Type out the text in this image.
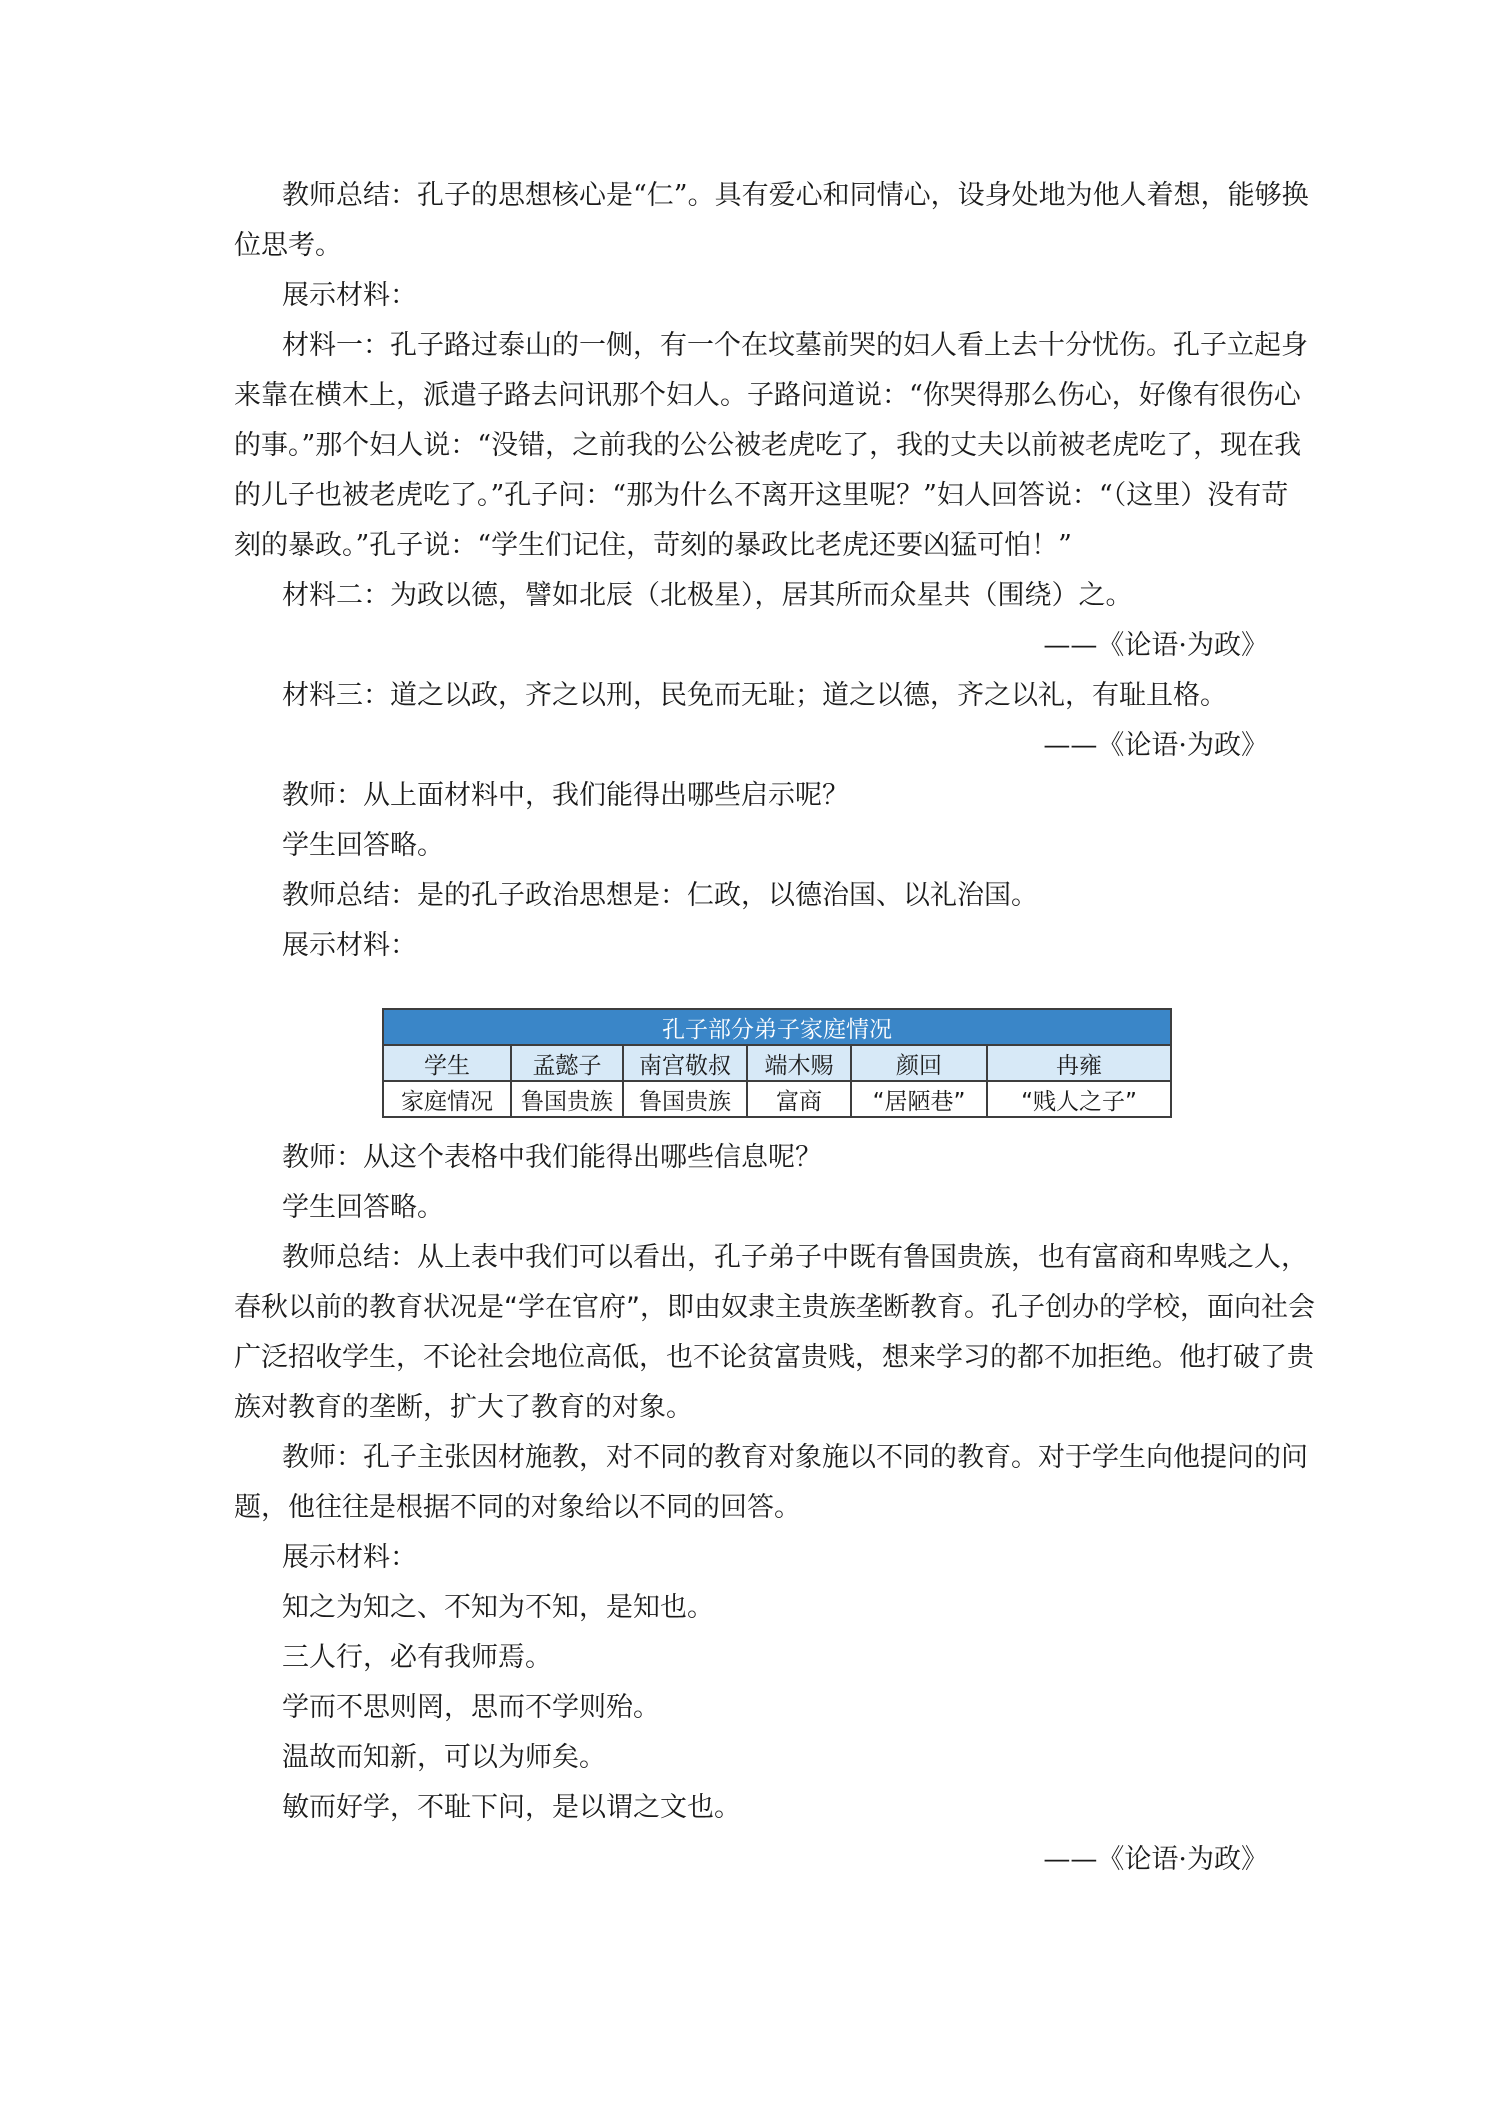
教师总结：孔子的思想核心是“仁”。具有爱心和同情心，设身处地为他人着想，能够换
位思考。
展示材料：
材料一：孔子路过泰山的一侧，有一个在坟墓前哭的妇人看上去十分忧伤。孔子立起身
来靠在横木上，派遣子路去问讯那个妇人。子路问道说：“你哭得那么伤心，好像有很伤心
的事。”那个妇人说：“没错，之前我的公公被老虎吃了，我的丈夫以前被老虎吃了，现在我
的儿子也被老虎吃了。”孔子问：“那为什么不离开这里呢？”妇人回答说：“（这里）没有苛
刻的暴政。”孔子说：“学生们记住，苛刻的暴政比老虎还要凶猛可怕！”
材料二：为政以德，譬如北辰（北极星），居其所而众星共（围绕）之。
——《论语·为政》
材料三：道之以政，齐之以刑，民免而无耻；道之以德，齐之以礼，有耻且格。
——《论语·为政》
教师：从上面材料中，我们能得出哪些启示呢？
学生回答略。
教师总结：是的孔子政治思想是：仁政，以德治国、以礼治国。
展示材料：
孔子部分弟子家庭情况					
学生	孟懿子	南宫敬叔	端木赐	颜回	冉雍
家庭情况	鲁国贵族	鲁国贵族	富商	“居陋巷”	“贱人之子”
教师：从这个表格中我们能得出哪些信息呢？
学生回答略。
教师总结：从上表中我们可以看出，孔子弟子中既有鲁国贵族，也有富商和卑贱之人，
春秋以前的教育状况是“学在官府”，即由奴隶主贵族垄断教育。孔子创办的学校，面向社会
广泛招收学生，不论社会地位高低，也不论贫富贵贱，想来学习的都不加拒绝。他打破了贵
族对教育的垄断，扩大了教育的对象。
教师：孔子主张因材施教，对不同的教育对象施以不同的教育。对于学生向他提问的问
题，他往往是根据不同的对象给以不同的回答。
展示材料：
知之为知之、不知为不知，是知也。
三人行，必有我师焉。
学而不思则罔，思而不学则殆。
温故而知新，可以为师矣。
敏而好学，不耻下问，是以谓之文也。
——《论语·为政》
